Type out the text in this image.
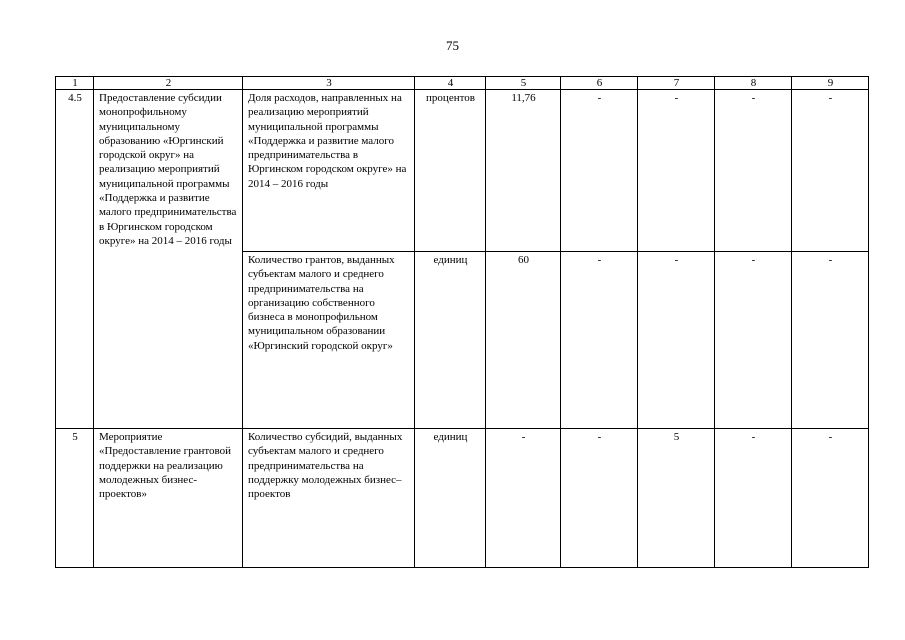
75
1	2	3	4	5	6	7	8	9
4.5	Предоставление субсидии монопрофильному муниципальному образованию «Юргинский городской округ» на реализацию мероприятий муниципальной программы «Поддержка и развитие малого предпринимательства в Юргинском городском округе» на 2014 – 2016 годы	Доля расходов, направленных на реализацию мероприятий муниципальной программы «Поддержка и развитие малого предпринимательства в Юргинском городском округе» на 2014 – 2016 годы	процентов	11,76	-	-	-	-
		Количество грантов, выданных субъектам малого и среднего предпринимательства на организацию собственного бизнеса в монопрофильном муниципальном образовании «Юргинский городской округ»	единиц	60	-	-	-	-
5	Мероприятие «Предоставление грантовой поддержки на реализацию молодежных бизнес-проектов»	Количество субсидий, выданных субъектам малого и среднего предпринимательства на поддержку молодежных бизнес–проектов	единиц	-	-	5	-	-
